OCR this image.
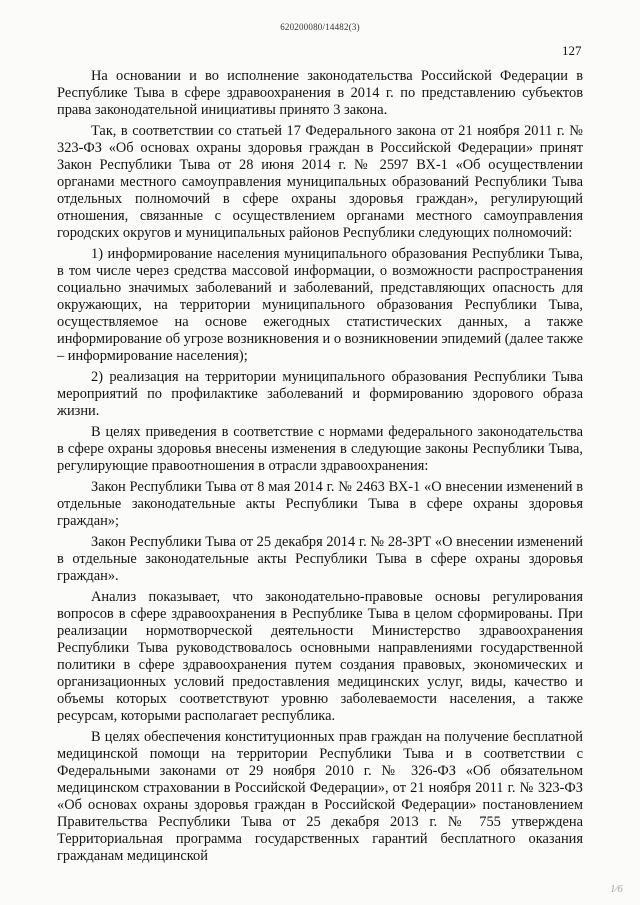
620200080/14482(3)
127

На основании и во исполнение законодательства Российской Федерации в Республике Тыва в сфере здравоохранения в 2014 г. по представлению субъектов права законодательной инициативы принято 3 закона.

Так, в соответствии со статьей 17 Федерального закона от 21 ноября 2011 г. № 323-ФЗ «Об основах охраны здоровья граждан в Российской Федерации» принят Закон Республики Тыва от 28 июня 2014 г. № 2597 ВХ-1 «Об осуществлении органами местного самоуправления муниципальных образований Республики Тыва отдельных полномочий в сфере охраны здоровья граждан», регулирующий отношения, связанные с осуществлением органами местного самоуправления городских округов и муниципальных районов Республики следующих полномочий:

1) информирование населения муниципального образования Республики Тыва, в том числе через средства массовой информации, о возможности распространения социально значимых заболеваний и заболеваний, представляющих опасность для окружающих, на территории муниципального образования Республики Тыва, осуществляемое на основе ежегодных статистических данных, а также информирование об угрозе возникновения и о возникновении эпидемий (далее также – информирование населения);

2) реализация на территории муниципального образования Республики Тыва мероприятий по профилактике заболеваний и формированию здорового образа жизни.

В целях приведения в соответствие с нормами федерального законодательства в сфере охраны здоровья внесены изменения в следующие законы Республики Тыва, регулирующие правоотношения в отрасли здравоохранения:

Закон Республики Тыва от 8 мая 2014 г. № 2463 ВХ-1 «О внесении изменений в отдельные законодательные акты Республики Тыва в сфере охраны здоровья граждан»;

Закон Республики Тыва от 25 декабря 2014 г. № 28-ЗРТ «О внесении изменений в отдельные законодательные акты Республики Тыва в сфере охраны здоровья граждан».

Анализ показывает, что законодательно-правовые основы регулирования вопросов в сфере здравоохранения в Республике Тыва в целом сформированы. При реализации нормотворческой деятельности Министерство здравоохранения Республики Тыва руководствовалось основными направлениями государственной политики в сфере здравоохранения путем создания правовых, экономических и организационных условий предоставления медицинских услуг, виды, качество и объемы которых соответствуют уровню заболеваемости населения, а также ресурсам, которыми располагает республика.

В целях обеспечения конституционных прав граждан на получение бесплатной медицинской помощи на территории Республики Тыва и в соответствии с Федеральными законами от 29 ноября 2010 г. № 326-ФЗ «Об обязательном медицинском страховании в Российской Федерации», от 21 ноября 2011 г. № 323-ФЗ «Об основах охраны здоровья граждан в Российской Федерации» постановлением Правительства Республики Тыва от 25 декабря 2013 г. № 755 утверждена Территориальная программа государственных гарантий бесплатного оказания гражданам медицинской

1⁄6
